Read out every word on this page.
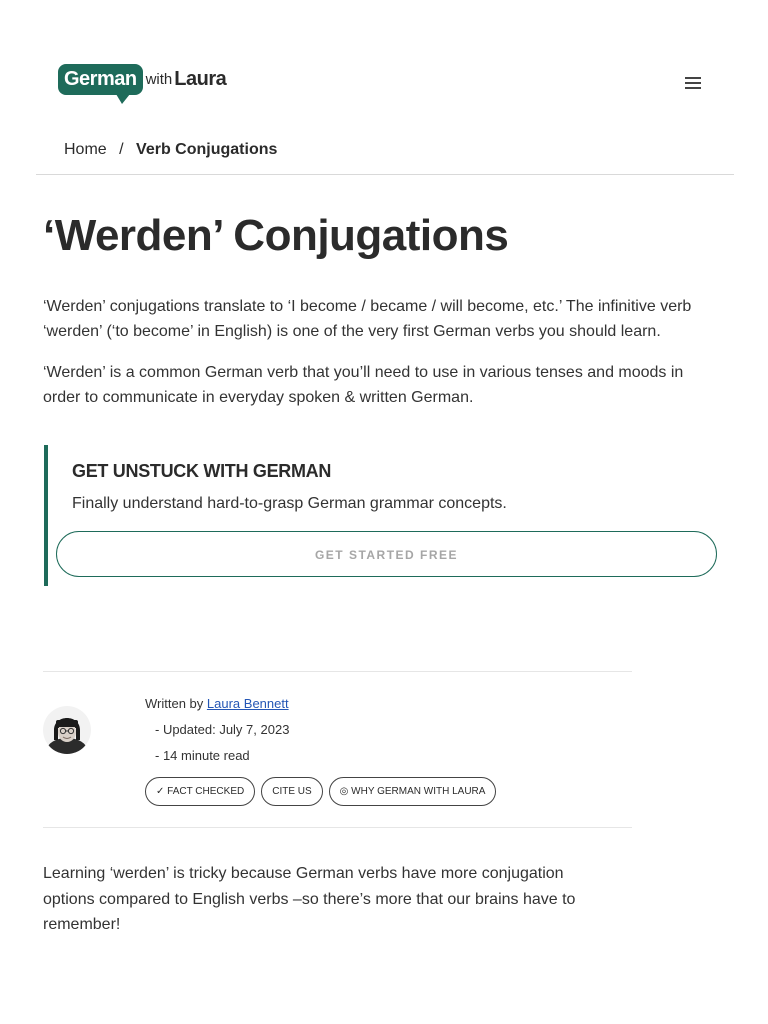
German with Laura
Home / Verb Conjugations
‘Werden’ Conjugations

‘Werden’ conjugations translate to ‘I become / became / will become, etc.’ The infinitive verb ‘werden’ (‘to become’ in English) is one of the very first German verbs you should learn.

‘Werden’ is a common German verb that you’ll need to use in various tenses and moods in order to communicate in everyday spoken & written German.

GET UNSTUCK WITH GERMAN
Finally understand hard-to-grasp German grammar concepts.
GET STARTED FREE
Written by Laura Bennett
- Updated: July 7, 2023
- 14 minute read
✓ FACT CHECKED	CITE US	◎ WHY GERMAN WITH LAURA

Learning ‘werden’ is tricky because German verbs have more conjugation options compared to English verbs –so there’s more that our brains have to remember!
